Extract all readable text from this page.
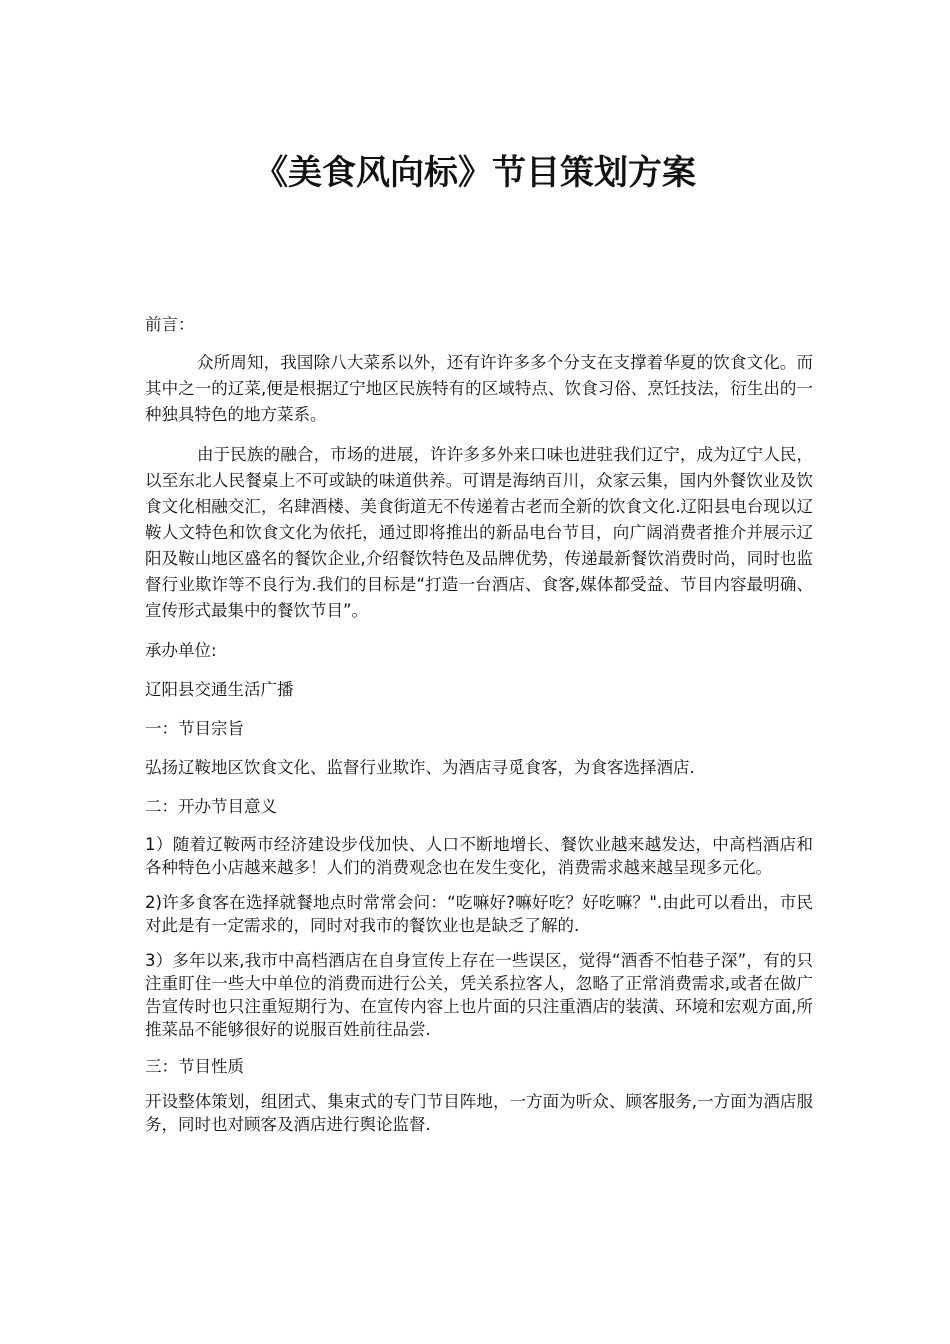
《美食风向标》节目策划方案

前言：

众所周知，我国除八大菜系以外，还有许许多多个分支在支撑着华夏的饮食文化。而其中之一的辽菜,便是根据辽宁地区民族特有的区域特点、饮食习俗、烹饪技法，衍生出的一种独具特色的地方菜系。

由于民族的融合，市场的进展，许许多多外来口味也进驻我们辽宁，成为辽宁人民，以至东北人民餐桌上不可或缺的味道供养。可谓是海纳百川，众家云集，国内外餐饮业及饮食文化相融交汇，名肆酒楼、美食街道无不传递着古老而全新的饮食文化.辽阳县电台现以辽鞍人文特色和饮食文化为依托，通过即将推出的新品电台节目，向广阔消费者推介并展示辽阳及鞍山地区盛名的餐饮企业,介绍餐饮特色及品牌优势，传递最新餐饮消费时尚，同时也监督行业欺诈等不良行为.我们的目标是“打造一台酒店、食客,媒体都受益、节目内容最明确、宣传形式最集中的餐饮节目”。

承办单位:

辽阳县交通生活广播

一：节目宗旨

弘扬辽鞍地区饮食文化、监督行业欺诈、为酒店寻觅食客，为食客选择酒店.

二：开办节目意义

1）随着辽鞍两市经济建设步伐加快、人口不断地增长、餐饮业越来越发达，中高档酒店和各种特色小店越来越多！人们的消费观念也在发生变化，消费需求越来越呈现多元化。

2)许多食客在选择就餐地点时常常会问：“吃嘛好?嘛好吃？好吃嘛？".由此可以看出，市民对此是有一定需求的，同时对我市的餐饮业也是缺乏了解的.

3）多年以来,我市中高档酒店在自身宣传上存在一些误区，觉得“酒香不怕巷子深”，有的只注重盯住一些大中单位的消费而进行公关，凭关系拉客人，忽略了正常消费需求,或者在做广告宣传时也只注重短期行为、在宣传内容上也片面的只注重酒店的装潢、环境和宏观方面,所推菜品不能够很好的说服百姓前往品尝.

三：节目性质

开设整体策划，组团式、集束式的专门节目阵地，一方面为听众、顾客服务,一方面为酒店服务，同时也对顾客及酒店进行舆论监督.
